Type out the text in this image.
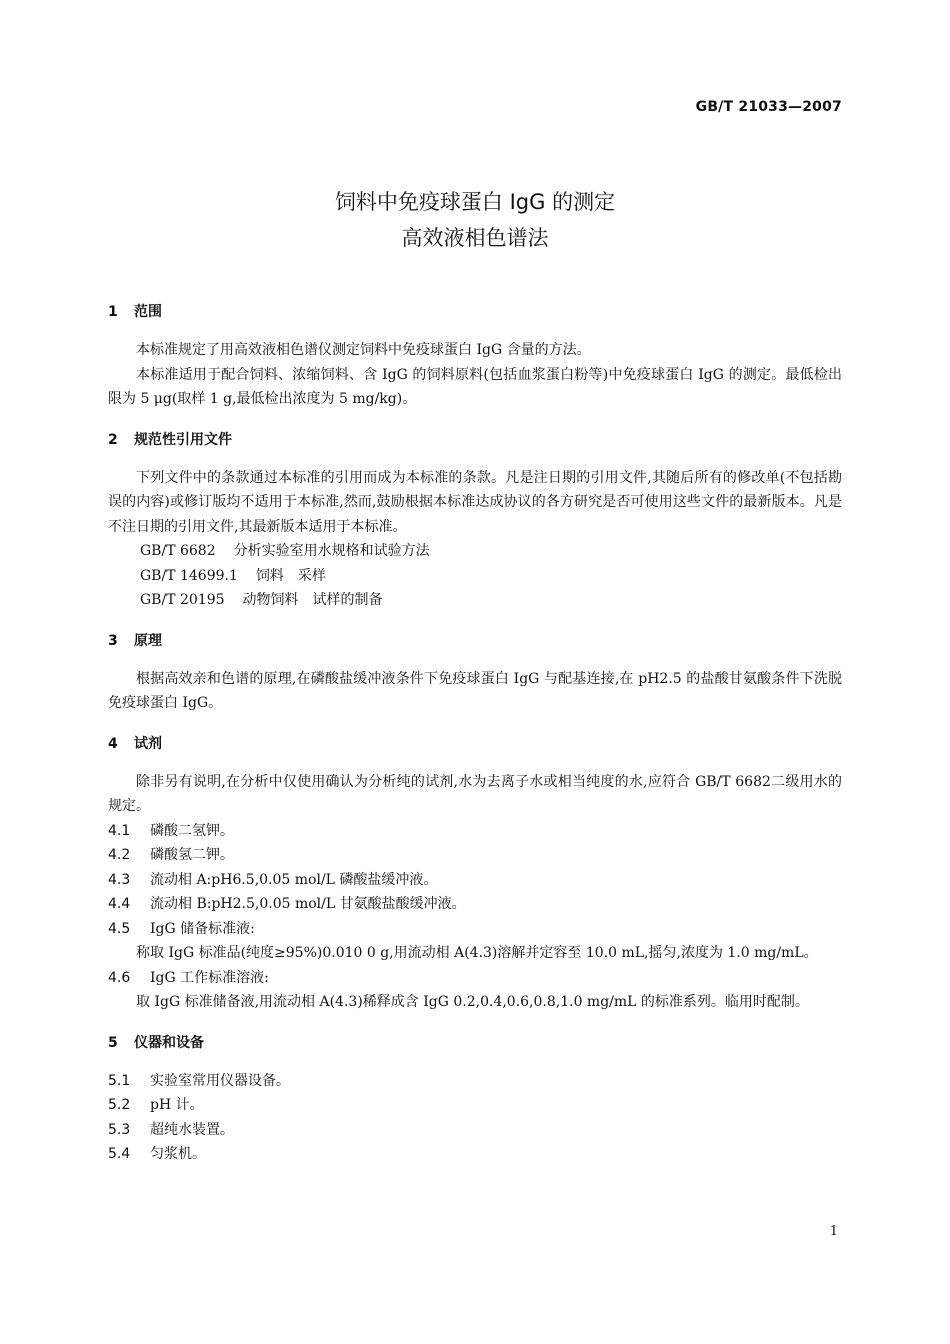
GB/T 21033—2007
饲料中免疫球蛋白 IgG 的测定
高效液相色谱法
1 范围

本标准规定了用高效液相色谱仪测定饲料中免疫球蛋白 IgG 含量的方法。

本标准适用于配合饲料、浓缩饲料、含 IgG 的饲料原料(包括血浆蛋白粉等)中免疫球蛋白 IgG 的测定。最低检出限为 5 μg(取样 1 g,最低检出浓度为 5 mg/kg)。

2 规范性引用文件

下列文件中的条款通过本标准的引用而成为本标准的条款。凡是注日期的引用文件,其随后所有的修改单(不包括勘误的内容)或修订版均不适用于本标准,然而,鼓励根据本标准达成协议的各方研究是否可使用这些文件的最新版本。凡是不注日期的引用文件,其最新版本适用于本标准。

GB/T 6682 分析实验室用水规格和试验方法

GB/T 14699.1 饲料　采样

GB/T 20195 动物饲料　试样的制备

3 原理

根据高效亲和色谱的原理,在磷酸盐缓冲液条件下免疫球蛋白 IgG 与配基连接,在 pH2.5 的盐酸甘氨酸条件下洗脱免疫球蛋白 IgG。

4 试剂

除非另有说明,在分析中仅使用确认为分析纯的试剂,水为去离子水或相当纯度的水,应符合 GB/T 6682二级用水的规定。

4.1 磷酸二氢钾。
4.2 磷酸氢二钾。
4.3 流动相 A:pH6.5,0.05 mol/L 磷酸盐缓冲液。
4.4 流动相 B:pH2.5,0.05 mol/L 甘氨酸盐酸缓冲液。
4.5 IgG 储备标准液:

称取 IgG 标准品(纯度≥95%)0.010 0 g,用流动相 A(4.3)溶解并定容至 10.0 mL,摇匀,浓度为 1.0 mg/mL。

4.6 IgG 工作标准溶液:

取 IgG 标准储备液,用流动相 A(4.3)稀释成含 IgG 0.2,0.4,0.6,0.8,1.0 mg/mL 的标准系列。临用时配制。

5 仪器和设备
5.1 实验室常用仪器设备。
5.2 pH 计。
5.3 超纯水装置。
5.4 匀浆机。
1
